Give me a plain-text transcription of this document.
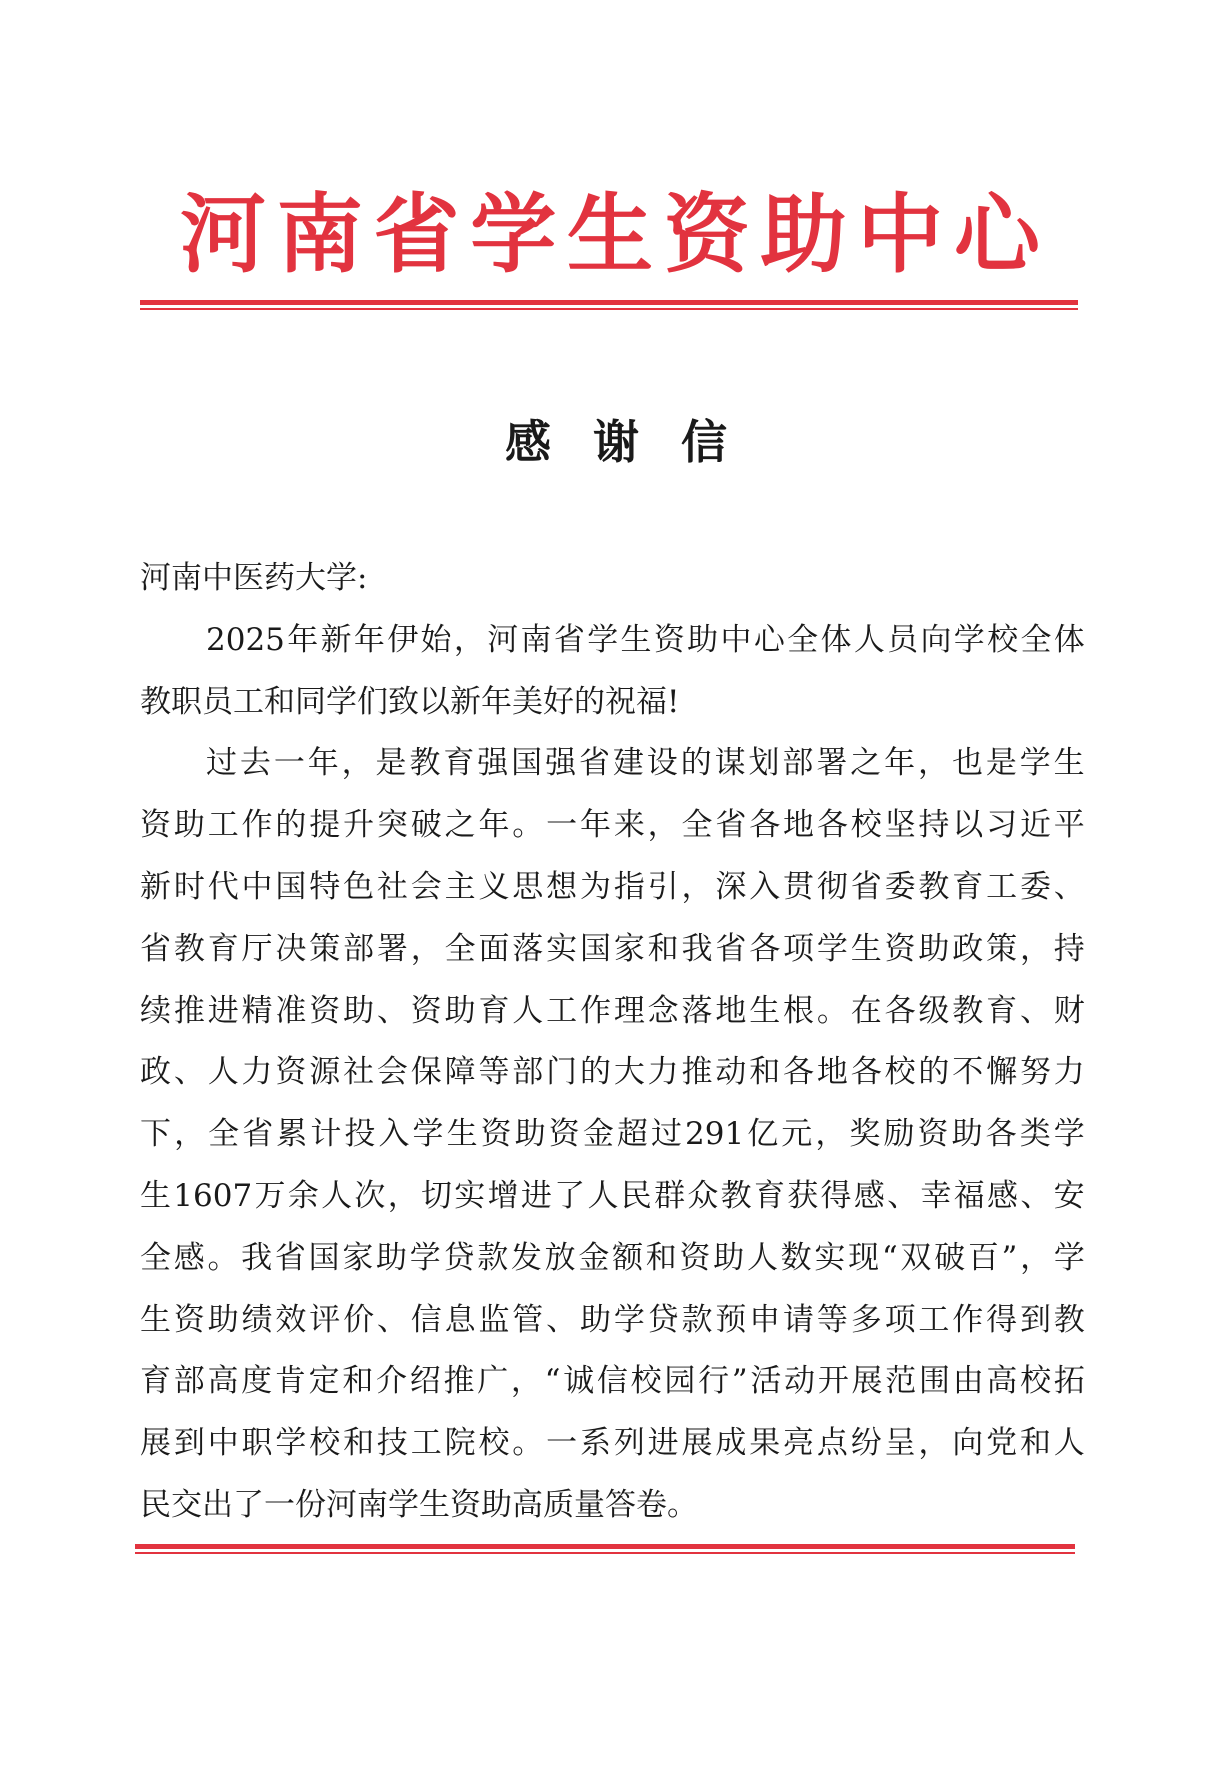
河 南 省 学 生 资 助 中 心
感谢信
河南中医药大学:
2025 年 新 年 伊 始 ， 河 南 省 学 生 资 助 中 心 全 体 人 员 向 学 校 全 体
教职员工和同学们致以新年美好的祝福!
过 去 一 年 ， 是 教 育 强 国 强 省 建 设 的 谋 划 部 署 之 年 ， 也 是 学 生
资 助 工 作 的 提 升 突 破 之 年 。 一 年 来 ， 全 省 各 地 各 校 坚 持 以 习 近 平
新 时 代 中 国 特 色 社 会 主 义 思 想 为 指 引 ， 深 入 贯 彻 省 委 教 育 工 委 、
省 教 育 厅 决 策 部 署 ， 全 面 落 实 国 家 和 我 省 各 项 学 生 资 助 政 策 ， 持
续 推 进 精 准 资 助 、 资 助 育 人 工 作 理 念 落 地 生 根 。 在 各 级 教 育 、 财
政 、 人 力 资 源 社 会 保 障 等 部 门 的 大 力 推 动 和 各 地 各 校 的 不 懈 努 力
下 ， 全 省 累 计 投 入 学 生 资 助 资 金 超 过 291 亿 元 ， 奖 励 资 助 各 类 学
生 1607 万 余 人 次 ， 切 实 增 进 了 人 民 群 众 教 育 获 得 感 、 幸 福 感 、 安
全 感 。 我 省 国 家 助 学 贷 款 发 放 金 额 和 资 助 人 数 实 现 “ 双 破 百 ” ， 学
生 资 助 绩 效 评 价 、 信 息 监 管 、 助 学 贷 款 预 申 请 等 多 项 工 作 得 到 教
育 部 高 度 肯 定 和 介 绍 推 广 ， “ 诚 信 校 园 行 ” 活 动 开 展 范 围 由 高 校 拓
展 到 中 职 学 校 和 技 工 院 校 。 一 系 列 进 展 成 果 亮 点 纷 呈 ， 向 党 和 人
民交出了一份河南学生资助高质量答卷。
